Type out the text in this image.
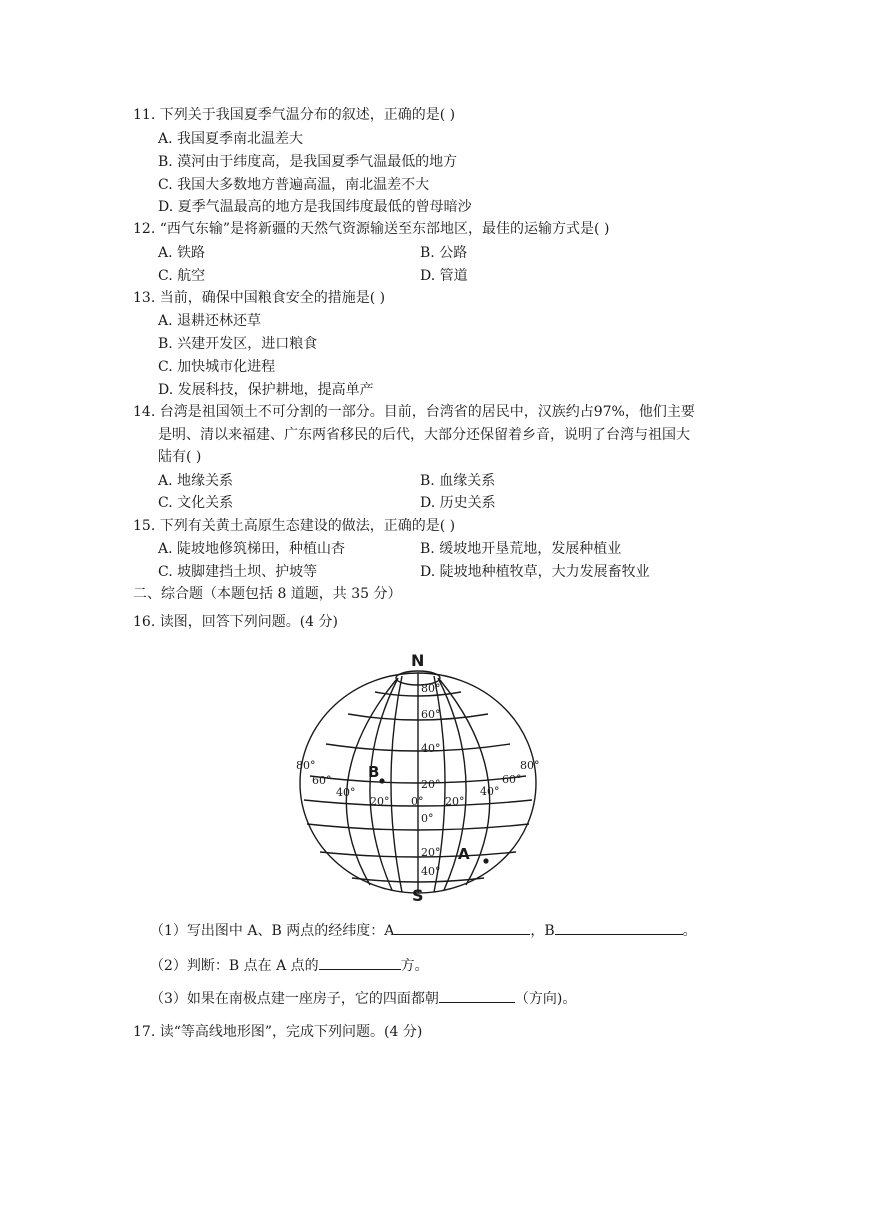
11. 下列关于我国夏季气温分布的叙述，正确的是( )
A. 我国夏季南北温差大
B. 漠河由于纬度高，是我国夏季气温最低的地方
C. 我国大多数地方普遍高温，南北温差不大
D. 夏季气温最高的地方是我国纬度最低的曾母暗沙
12. “西气东输”是将新疆的天然气资源输送至东部地区，最佳的运输方式是( )
A. 铁路	B. 公路
C. 航空	D. 管道
13. 当前，确保中国粮食安全的措施是( )
A. 退耕还林还草
B. 兴建开发区，进口粮食
C. 加快城市化进程
D. 发展科技，保护耕地，提高单产
14. 台湾是祖国领土不可分割的一部分。目前，台湾省的居民中，汉族约占97%，他们主要
是明、清以来福建、广东两省移民的后代，大部分还保留着乡音，说明了台湾与祖国大
陆有( )
A. 地缘关系	B. 血缘关系
C. 文化关系	D. 历史关系
15. 下列有关黄土高原生态建设的做法，正确的是( )
A. 陡坡地修筑梯田，种植山杏	B. 缓坡地开垦荒地，发展种植业
C. 坡脚建挡土坝、护坡等	D. 陡坡地种植牧草，大力发展畜牧业
二、综合题（本题包括 8 道题，共 35 分）
16. 读图，回答下列问题。(4 分)
N
S
B
A
80°
60°
40°
20°
0°
20°
40°
80°
60°
40°
20° 0° 20°
40°
60°
80°
（1）写出图中 A、B 两点的经纬度：A	，B	。
（2）判断：B 点在 A 点的	方。
（3）如果在南极点建一座房子，它的四面都朝	（方向)。
17. 读“等高线地形图”，完成下列问题。(4 分)
